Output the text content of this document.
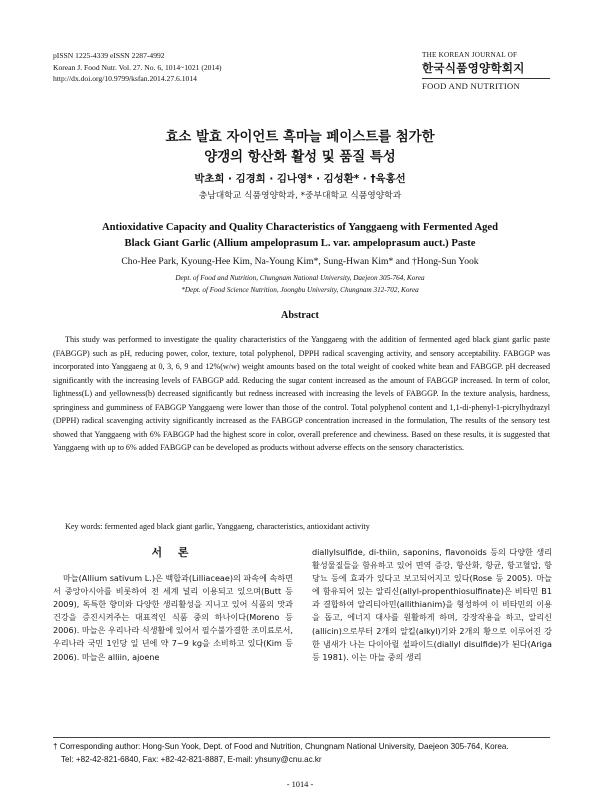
pISSN 1225-4339 eISSN 2287-4992
Korean J. Food Nutr. Vol. 27. No. 6, 1014~1021 (2014)
http://dx.doi.org/10.9799/ksfan.2014.27.6.1014
THE KOREAN JOURNAL OF
한국식품영양학회지
FOOD AND NUTRITION
효소 발효 자이언트 흑마늘 페이스트를 첨가한
양갱의 항산화 활성 및 품질 특성
박초희 · 김경희 · 김나영* · 김성환* · †육홍선
충남대학교 식품영양학과, *중부대학교 식품영양학과
Antioxidative Capacity and Quality Characteristics of Yanggaeng with Fermented Aged
Black Giant Garlic (Allium ampeloprasum L. var. ampeloprasum auct.) Paste
Cho-Hee Park, Kyoung-Hee Kim, Na-Young Kim*, Sung-Hwan Kim* and †Hong-Sun Yook
Dept. of Food and Nutrition, Chungnam National University, Daejeon 305-764, Korea
*Dept. of Food Science Nutrition, Joongbu University, Chungnam 312-702, Korea
Abstract
This study was performed to investigate the quality characteristics of the Yanggaeng with the addition of fermented aged black giant garlic paste (FABGGP) such as pH, reducing power, color, texture, total polyphenol, DPPH radical scavenging activity, and sensory acceptability. FABGGP was incorporated into Yanggaeng at 0, 3, 6, 9 and 12%(w/w) weight amounts based on the total weight of cooked white bean and FABGGP. pH decreased significantly with the increasing levels of FABGGP add. Reducing the sugar content increased as the amount of FABGGP increased. In term of color, lightness(L) and yellowness(b) decreased significantly but redness increased with increasing the levels of FABGGP. In the texture analysis, hardness, springiness and gumminess of FABGGP Yanggaeng were lower than those of the control. Total polyphenol content and 1,1-di-phenyl-1-picrylhydrazyl (DPPH) radical scavenging activity significantly increased as the FABGGP concentration increased in the formulation, The results of the sensory test showed that Yanggaeng with 6% FABGGP had the highest score in color, overall preference and chewiness. Based on these results, it is suggested that Yanggaeng with up to 6% added FABGGP can be developed as products without adverse effects on the sensory characteristics.
Key words: fermented aged black giant garlic, Yanggaeng, characteristics, antioxidant activity
서 론
마늘(Allium sativum L.)은 백합과(Lilliaceae)의 파속에 속하면서 중앙아시아를 비롯하여 전 세계 널리 이용되고 있으며(Butt 등 2009), 독특한 향미와 다양한 생리활성을 지니고 있어 식품의 맛과 건강을 증진시켜주는 대표적인 식품 중의 하나이다(Moreno 등 2006). 마늘은 우리나라 식생활에 있어서 필수불가결한 조미료로서, 우리나라 국민 1인당 일 년에 약 7~9 kg을 소비하고 있다(Kim 등 2006). 마늘은 alliin, ajoene
diallylsulfide, di-thiin, saponins, flavonoids 등의 다양한 생리활성물질들을 함유하고 있어 면역 증강, 항산화, 항균, 항고혈압, 항당뇨 등에 효과가 있다고 보고되어지고 있다(Rose 등 2005). 마늘에 함유되어 있는 알리신(allyl-propenthiosulfinate)은 비타민 B1과 결합하여 알리티아민(allithianim)을 형성하여 이 비타민의 이용을 돕고, 에너지 대사를 원활하게 하며, 강장작용을 하고, 알리신(allicin)으로부터 2개의 알킬(alkyl)기와 2개의 황으로 이루어진 강한 냄새가 나는 다이아릴 설파이드(diallyl disulfide)가 된다(Ariga 등 1981). 이는 마늘 중의 생리
† Corresponding author: Hong-Sun Yook, Dept. of Food and Nutrition, Chungnam National University, Daejeon 305-764, Korea.
Tel: +82-42-821-6840, Fax: +82-42-821-8887, E-mail: yhsuny@cnu.ac.kr
- 1014 -
